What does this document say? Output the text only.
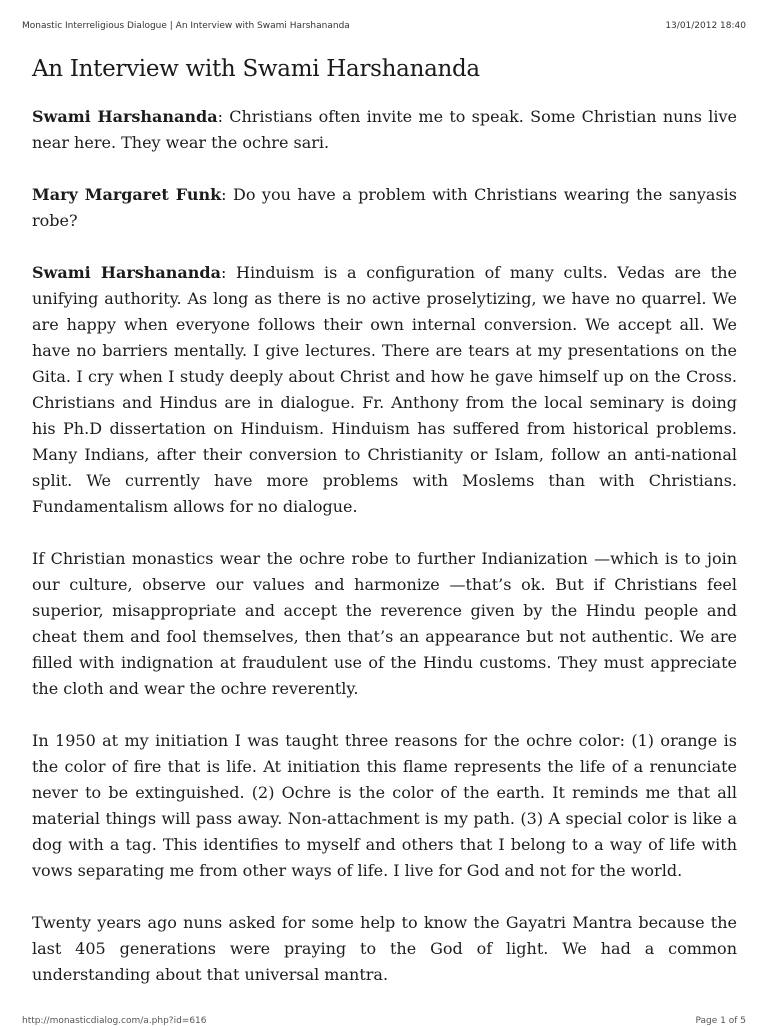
Monastic Interreligious Dialogue | An Interview with Swami Harshananda	13/01/2012 18:40
An Interview with Swami Harshananda

Swami Harshananda: Christians often invite me to speak. Some Christian nuns live near here. They wear the ochre sari.

Mary Margaret Funk: Do you have a problem with Christians wearing the sanyasis robe?

Swami Harshananda: Hinduism is a configuration of many cults. Vedas are the unifying authority. As long as there is no active proselytizing, we have no quarrel. We are happy when everyone follows their own internal conversion. We accept all. We have no barriers mentally. I give lectures. There are tears at my presentations on the Gita. I cry when I study deeply about Christ and how he gave himself up on the Cross. Christians and Hindus are in dialogue. Fr. Anthony from the local seminary is doing his Ph.D dissertation on Hinduism. Hinduism has suffered from historical problems. Many Indians, after their conversion to Christianity or Islam, follow an anti-national split. We currently have more problems with Moslems than with Christians. Fundamentalism allows for no dialogue.

If Christian monastics wear the ochre robe to further Indianization —which is to join our culture, observe our values and harmonize —that’s ok. But if Christians feel superior, misappropriate and accept the reverence given by the Hindu people and cheat them and fool themselves, then that’s an appearance but not authentic. We are filled with indignation at fraudulent use of the Hindu customs. They must appreciate the cloth and wear the ochre reverently.

In 1950 at my initiation I was taught three reasons for the ochre color: (1) orange is the color of fire that is life. At initiation this flame represents the life of a renunciate never to be extinguished. (2) Ochre is the color of the earth. It reminds me that all material things will pass away. Non-attachment is my path. (3) A special color is like a dog with a tag. This identifies to myself and others that I belong to a way of life with vows separating me from other ways of life. I live for God and not for the world.

Twenty years ago nuns asked for some help to know the Gayatri Mantra because the last 405 generations were praying to the God of light. We had a common understanding about that universal mantra.

http://monasticdialog.com/a.php?id=616	Page 1 of 5
